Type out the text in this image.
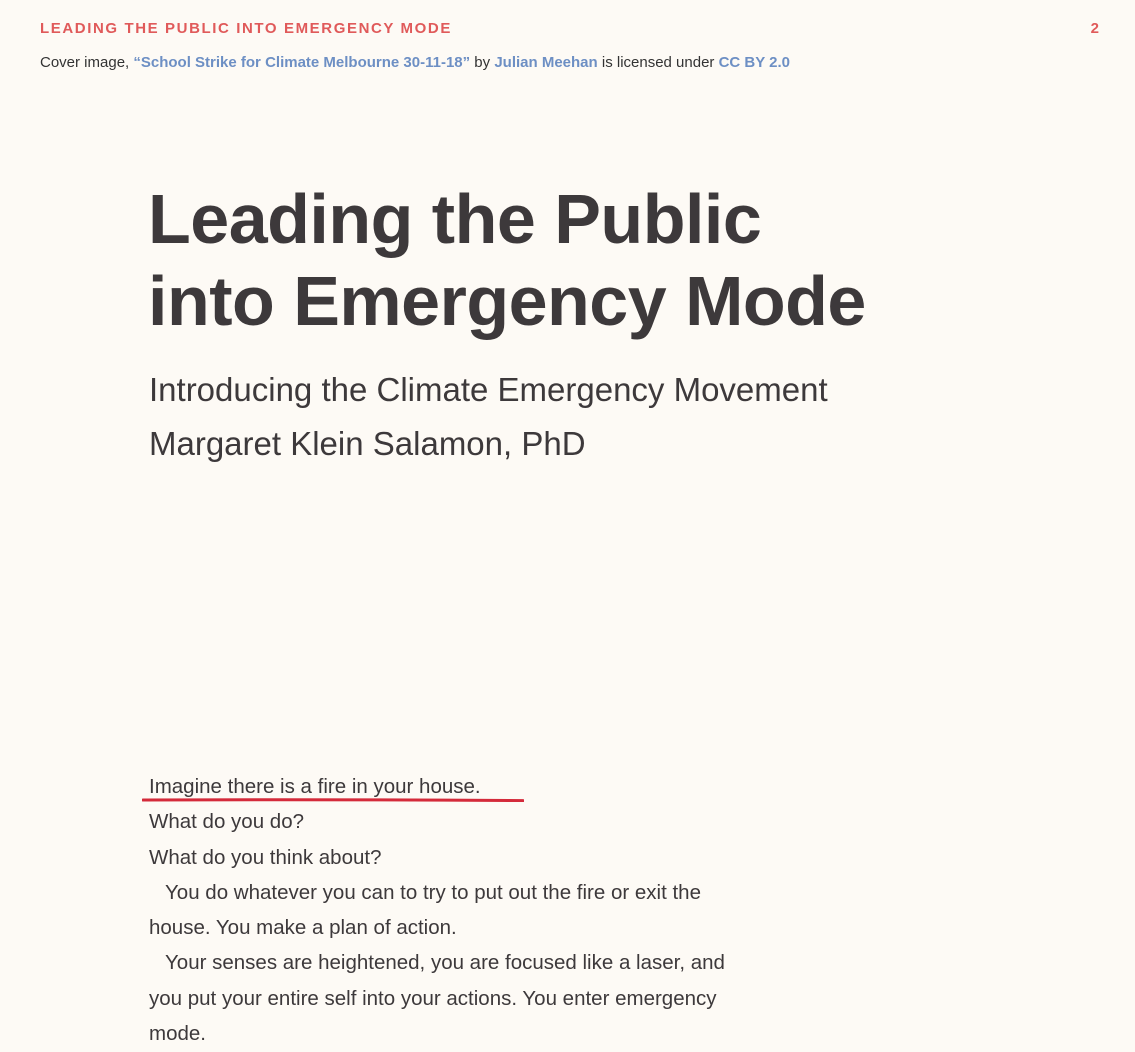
LEADING THE PUBLIC INTO EMERGENCY MODE	2
Cover image, “School Strike for Climate Melbourne 30-11-18” by Julian Meehan is licensed under CC BY 2.0
Leading the Public
into Emergency Mode
Introducing the Climate Emergency Movement
Margaret Klein Salamon, PhD

Imagine there is a fire in your house.

What do you do?

What do you think about?

You do whatever you can to try to put out the fire or exit the house. You make a plan of action.

Your senses are heightened, you are focused like a laser, and you put your entire self into your actions. You enter emergency mode.
